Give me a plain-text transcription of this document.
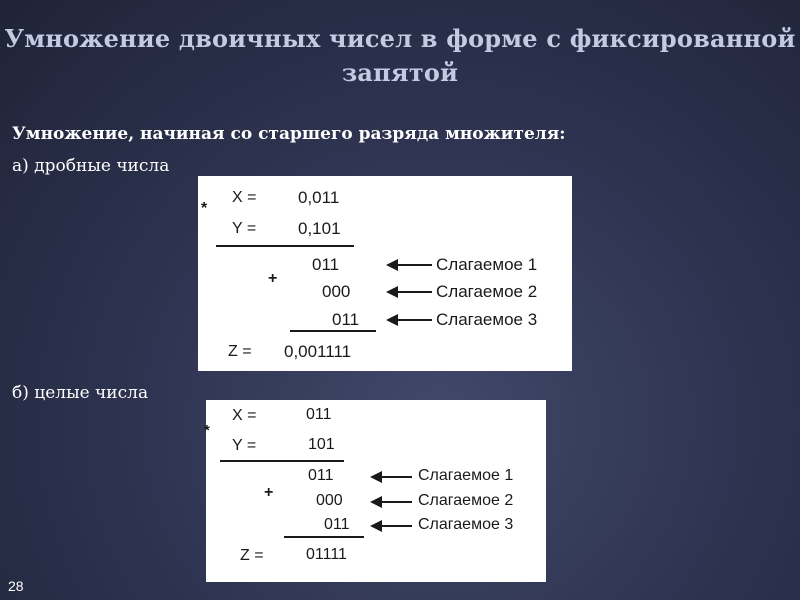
Умножение двоичных чисел в форме с фиксированной запятой
Умножение, начиная со старшего разряда множителя:
а) дробные числа
*
X = 0,011
Y = 0,101
+
011	Слагаемое 1
000	Слагаемое 2
011	Слагаемое 3
Z = 0,001111
б) целые числа
*
X =	011
Y =	101
+
011	Слагаемое 1
000	Слагаемое 2
011	Слагаемое 3
Z =	01111
28
